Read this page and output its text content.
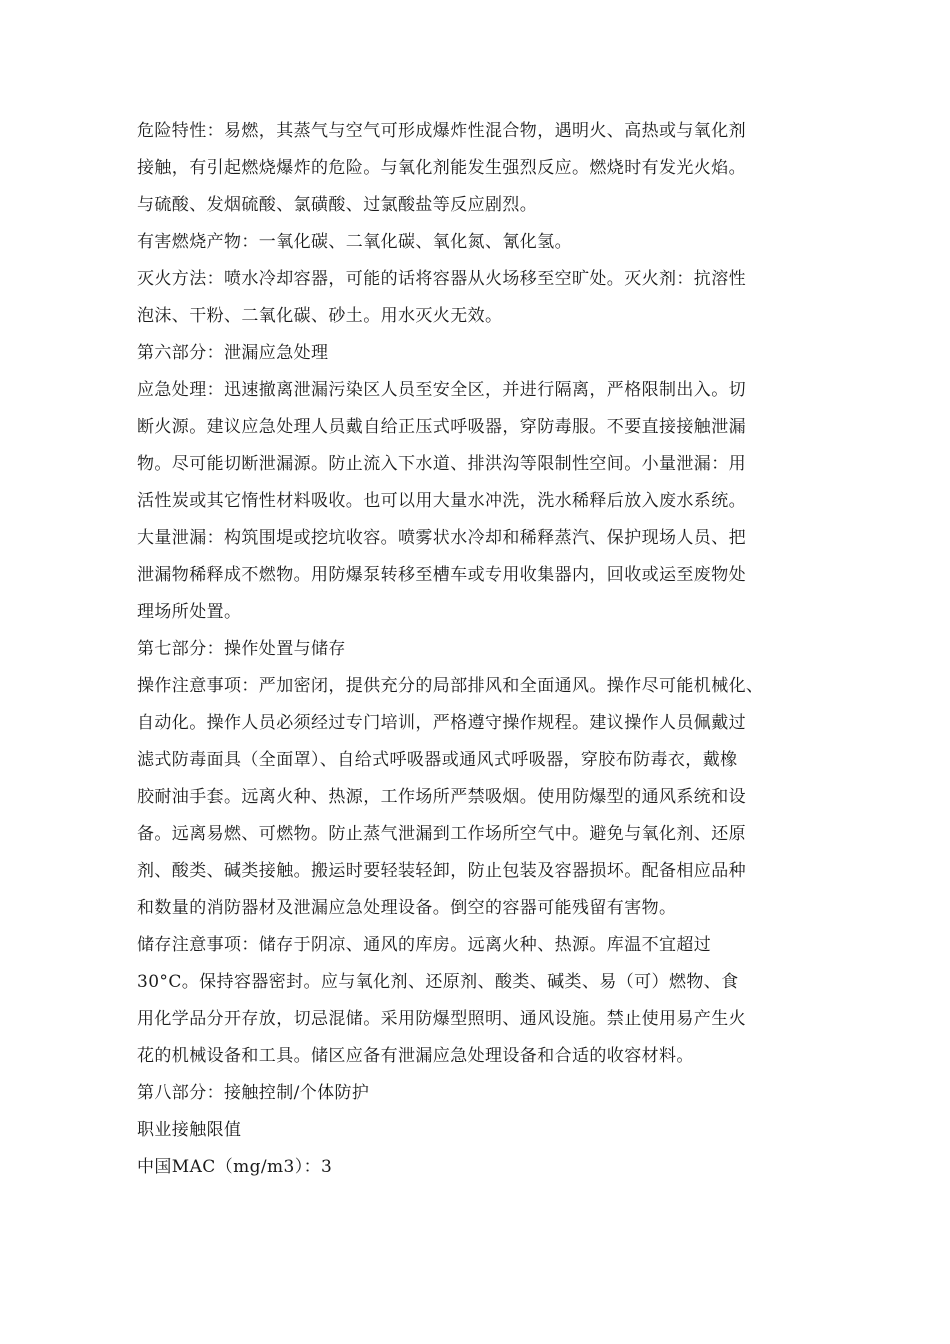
危险特性：易燃，其蒸气与空气可形成爆炸性混合物，遇明火、高热或与氧化剂
接触，有引起燃烧爆炸的危险。与氧化剂能发生强烈反应。燃烧时有发光火焰。
与硫酸、发烟硫酸、氯磺酸、过氯酸盐等反应剧烈。
有害燃烧产物：一氧化碳、二氧化碳、氧化氮、氰化氢。
灭火方法：喷水冷却容器，可能的话将容器从火场移至空旷处。灭火剂：抗溶性
泡沫、干粉、二氧化碳、砂土。用水灭火无效。
第六部分：泄漏应急处理
应急处理：迅速撤离泄漏污染区人员至安全区，并进行隔离，严格限制出入。切
断火源。建议应急处理人员戴自给正压式呼吸器，穿防毒服。不要直接接触泄漏
物。尽可能切断泄漏源。防止流入下水道、排洪沟等限制性空间。小量泄漏：用
活性炭或其它惰性材料吸收。也可以用大量水冲洗，洗水稀释后放入废水系统。
大量泄漏：构筑围堤或挖坑收容。喷雾状水冷却和稀释蒸汽、保护现场人员、把
泄漏物稀释成不燃物。用防爆泵转移至槽车或专用收集器内，回收或运至废物处
理场所处置。
第七部分：操作处置与储存
操作注意事项：严加密闭，提供充分的局部排风和全面通风。操作尽可能机械化、
自动化。操作人员必须经过专门培训，严格遵守操作规程。建议操作人员佩戴过
滤式防毒面具（全面罩）、自给式呼吸器或通风式呼吸器，穿胶布防毒衣，戴橡
胶耐油手套。远离火种、热源，工作场所严禁吸烟。使用防爆型的通风系统和设
备。远离易燃、可燃物。防止蒸气泄漏到工作场所空气中。避免与氧化剂、还原
剂、酸类、碱类接触。搬运时要轻装轻卸，防止包装及容器损坏。配备相应品种
和数量的消防器材及泄漏应急处理设备。倒空的容器可能残留有害物。
储存注意事项：储存于阴凉、通风的库房。远离火种、热源。库温不宜超过
30°C。保持容器密封。应与氧化剂、还原剂、酸类、碱类、易（可）燃物、食
用化学品分开存放，切忌混储。采用防爆型照明、通风设施。禁止使用易产生火
花的机械设备和工具。储区应备有泄漏应急处理设备和合适的收容材料。
第八部分：接触控制/个体防护
职业接触限值
中国MAC（mg/m3）：3
